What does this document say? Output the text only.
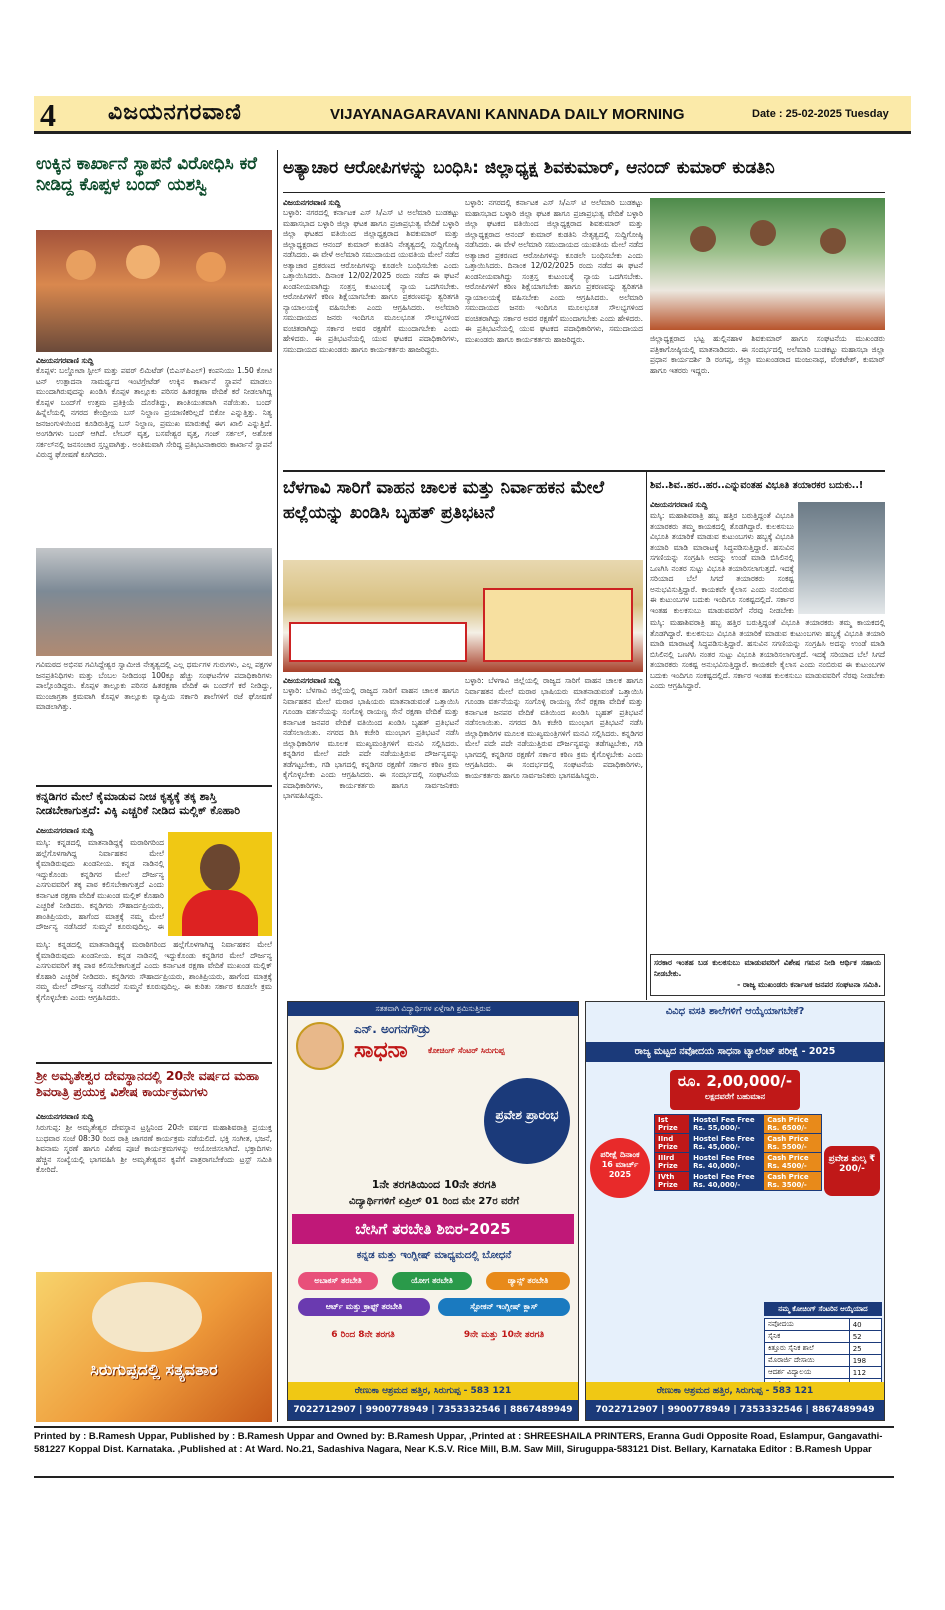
4 ವಿಜಯನಗರವಾಣಿ	VIJAYANAGARAVANI KANNADA DAILY MORNING	Date : 25-02-2025 Tuesday
ಉಕ್ಕಿನ ಕಾರ್ಖಾನೆ ಸ್ಥಾಪನೆ ವಿರೋಧಿಸಿ ಕರೆ ನೀಡಿದ್ದ ಕೊಪ್ಪಳ ಬಂದ್ ಯಶಸ್ವಿ
ವಿಜಯನಗರವಾಣಿ ಸುದ್ದಿ
ಕೊಪ್ಪಳ: ಬಲ್ಡೋಟಾ ಸ್ಟೀಲ್ ಮತ್ತು ಪವರ್ ಲಿಮಿಟೆಡ್ (ಬಿಎಸ್‌ಪಿಎಲ್) ಕಂಪನಿಯು 1.50 ಕೋಟಿ ಟನ್ ಉತ್ಪಾದನಾ ಸಾಮರ್ಥ್ಯದ ಇಂಟಿಗ್ರೇಟೆಡ್ ಉಕ್ಕಿನ ಕಾರ್ಖಾನೆ ಸ್ಥಾಪನೆ ಮಾಡಲು ಮುಂದಾಗಿರುವುದನ್ನು ಖಂಡಿಸಿ ಕೊಪ್ಪಳ ತಾಲ್ಲೂಕು ಪರಿಸರ ಹಿತರಕ್ಷಣಾ ವೇದಿಕೆ ಕರೆ ನೀಡಲಾಗಿದ್ದ ಕೊಪ್ಪಳ ಬಂದ್‌ಗೆ ಉತ್ತಮ ಪ್ರತಿಕ್ರಿಯೆ ದೊರೆತಿದ್ದು, ಶಾಂತಿಯುತವಾಗಿ ನಡೆಯಿತು. ಬಂದ್ ಹಿನ್ನೆಲೆಯಲ್ಲಿ ನಗರದ ಕೇಂದ್ರೀಯ ಬಸ್ ನಿಲ್ದಾಣ ಪ್ರಯಾಣಿಕರಿಲ್ಲದೆ ಬಿಕೋ ಎನ್ನುತ್ತಿತ್ತು. ನಿತ್ಯ ಜನಜಂಗುಳಿಯಿಂದ ಕೂಡಿರುತ್ತಿದ್ದ ಬಸ್ ನಿಲ್ದಾಣ, ಪ್ರಮುಖ ಮಾರುಕಟ್ಟೆ ಈಗ ಖಾಲಿ ಎನ್ನುತ್ತಿದೆ. ಅಂಗಡಿಗಳು ಬಂದ್ ಆಗಿದೆ. ಲೇಬರ್ ವೃತ್ತ, ಬಸವೇಶ್ವರ ವೃತ್ತ, ಗಂಜ್ ಸರ್ಕಲ್, ಅಶೋಕ ಸರ್ಕಲ್‌ನಲ್ಲಿ ಜನಸಂಚಾರ ಸ್ತಬ್ದವಾಗಿತ್ತು. ಅಂತಿಮವಾಗಿ ಸೇರಿದ್ದ ಪ್ರತಿಭಟನಾಕಾರರು ಕಾರ್ಖಾನೆ ಸ್ಥಾಪನೆ ವಿರುದ್ಧ ಘೋಷಣೆ ಕೂಗಿದರು.
ಗವಿಮಠದ ಅಭಿನವ ಗವಿಸಿದ್ದೇಶ್ವರ ಸ್ವಾಮೀಜಿ ನೇತೃತ್ವದಲ್ಲಿ ಎಲ್ಲ ಧರ್ಮಗಳ ಗುರುಗಳು, ಎಲ್ಲ ಪಕ್ಷಗಳ ಜನಪ್ರತಿನಿಧಿಗಳು ಮತ್ತು ಬೆಂಬಲ ನೀಡಿದಂಥ 100ಕ್ಕೂ ಹೆಚ್ಚು ಸಂಘಟನೆಗಳ ಪದಾಧಿಕಾರಿಗಳು ಪಾಲ್ಗೊಂಡಿದ್ದರು. ಕೊಪ್ಪಳ ತಾಲ್ಲೂಕು ಪರಿಸರ ಹಿತರಕ್ಷಣಾ ವೇದಿಕೆ ಈ ಬಂದ್‌ಗೆ ಕರೆ ನೀಡಿದ್ದು, ಮುಂಜಾಗ್ರತಾ ಕ್ರಮವಾಗಿ ಕೊಪ್ಪಳ ತಾಲ್ಲೂಕು ವ್ಯಾಪ್ತಿಯ ಸರ್ಕಾರಿ ಶಾಲೆಗಳಿಗೆ ರಜೆ ಘೋಷಣೆ ಮಾಡಲಾಗಿತ್ತು.
ಕನ್ನಡಿಗರ ಮೇಲೆ ಕೈಮಾಡುವ ನೀಚ ಕೃತ್ಯಕ್ಕೆ ತಕ್ಕ ಶಾಸ್ತಿ ನೀಡಬೇಕಾಗುತ್ತದೆ: ವಿಕ್ಕಿ ಎಚ್ಚರಿಕೆ ನೀಡಿದ ಮಲ್ಲಿಕ್ ಕೊಹಾರಿ
ವಿಜಯನಗರವಾಣಿ ಸುದ್ದಿ
ಮಸ್ಕಿ: ಕನ್ನಡದಲ್ಲಿ ಮಾತನಾಡಿದ್ದಕ್ಕೆ ಮರಾಠಿಗರಿಂದ ಹಲ್ಲೆಗೊಳಗಾಗಿದ್ದ ನಿರ್ವಾಹಕನ ಮೇಲೆ ಕೈಮಾಡಿರುವುದು ಖಂಡನೀಯ. ಕನ್ನಡ ನಾಡಿನಲ್ಲಿ ಇದ್ದುಕೊಂಡು ಕನ್ನಡಿಗರ ಮೇಲೆ ದೌರ್ಜನ್ಯ ಎಸಗುವವರಿಗೆ ತಕ್ಕ ಪಾಠ ಕಲಿಸಬೇಕಾಗುತ್ತದೆ ಎಂದು ಕರ್ನಾಟಕ ರಕ್ಷಣಾ ವೇದಿಕೆ ಮುಖಂಡ ಮಲ್ಲಿಕ್ ಕೊಹಾರಿ ಎಚ್ಚರಿಕೆ ನೀಡಿದರು. ಕನ್ನಡಿಗರು ಸೌಹಾರ್ದಪ್ರಿಯರು, ಶಾಂತಿಪ್ರಿಯರು, ಹಾಗೆಂದ ಮಾತ್ರಕ್ಕೆ ನಮ್ಮ ಮೇಲೆ ದೌರ್ಜನ್ಯ ನಡೆಸಿದರೆ ಸುಮ್ಮನೆ ಕೂರುವುದಿಲ್ಲ. ಈ
ಮಸ್ಕಿ: ಕನ್ನಡದಲ್ಲಿ ಮಾತನಾಡಿದ್ದಕ್ಕೆ ಮರಾಠಿಗರಿಂದ ಹಲ್ಲೆಗೊಳಗಾಗಿದ್ದ ನಿರ್ವಾಹಕನ ಮೇಲೆ ಕೈಮಾಡಿರುವುದು ಖಂಡನೀಯ. ಕನ್ನಡ ನಾಡಿನಲ್ಲಿ ಇದ್ದುಕೊಂಡು ಕನ್ನಡಿಗರ ಮೇಲೆ ದೌರ್ಜನ್ಯ ಎಸಗುವವರಿಗೆ ತಕ್ಕ ಪಾಠ ಕಲಿಸಬೇಕಾಗುತ್ತದೆ ಎಂದು ಕರ್ನಾಟಕ ರಕ್ಷಣಾ ವೇದಿಕೆ ಮುಖಂಡ ಮಲ್ಲಿಕ್ ಕೊಹಾರಿ ಎಚ್ಚರಿಕೆ ನೀಡಿದರು. ಕನ್ನಡಿಗರು ಸೌಹಾರ್ದಪ್ರಿಯರು, ಶಾಂತಿಪ್ರಿಯರು, ಹಾಗೆಂದ ಮಾತ್ರಕ್ಕೆ ನಮ್ಮ ಮೇಲೆ ದೌರ್ಜನ್ಯ ನಡೆಸಿದರೆ ಸುಮ್ಮನೆ ಕೂರುವುದಿಲ್ಲ. ಈ ಕುರಿತು ಸರ್ಕಾರ ಕೂಡಲೇ ಕ್ರಮ ಕೈಗೊಳ್ಳಬೇಕು ಎಂದು ಆಗ್ರಹಿಸಿದರು.
ಶ್ರೀ ಅಮೃತೇಶ್ವರ ದೇವಸ್ಥಾನದಲ್ಲಿ 20ನೇ ವರ್ಷದ ಮಹಾ ಶಿವರಾತ್ರಿ ಪ್ರಯುಕ್ತ ವಿಶೇಷ ಕಾರ್ಯಕ್ರಮಗಳು
ವಿಜಯನಗರವಾಣಿ ಸುದ್ದಿ
ಸಿರುಗುಪ್ಪ: ಶ್ರೀ ಅಮೃತೇಶ್ವರ ದೇವಸ್ಥಾನ ಟ್ರಸ್ಟಿನಿಂದ 20ನೇ ವರ್ಷದ ಮಹಾಶಿವರಾತ್ರಿ ಪ್ರಯುಕ್ತ ಬುಧವಾರ ಸಂಜೆ 08:30 ರಿಂದ ರಾತ್ರಿ ಜಾಗರಣೆ ಕಾರ್ಯಕ್ರಮ ನಡೆಯಲಿದೆ. ಭಕ್ತಿ ಸಂಗೀತ, ಭಜನೆ, ಶಿವನಾಮ ಸ್ಮರಣೆ ಹಾಗೂ ವಿಶೇಷ ಪೂಜೆ ಕಾರ್ಯಕ್ರಮಗಳನ್ನು ಆಯೋಜಿಸಲಾಗಿದೆ. ಭಕ್ತಾದಿಗಳು ಹೆಚ್ಚಿನ ಸಂಖ್ಯೆಯಲ್ಲಿ ಭಾಗವಹಿಸಿ ಶ್ರೀ ಅಮೃತೇಶ್ವರನ ಕೃಪೆಗೆ ಪಾತ್ರರಾಗಬೇಕೆಂದು ಟ್ರಸ್ಟ್ ಸಮಿತಿ ಕೋರಿದೆ.
ಸಿರುಗುಪ್ಪದಲ್ಲಿ ಸತ್ಯವತಾರ
ಅತ್ಯಾಚಾರ ಆರೋಪಿಗಳನ್ನು ಬಂಧಿಸಿ: ಜಿಲ್ಲಾಧ್ಯಕ್ಷ ಶಿವಕುಮಾರ್, ಆನಂದ್ ಕುಮಾರ್ ಕುಡತಿನಿ
ವಿಜಯನಗರವಾಣಿ ಸುದ್ದಿ
ಬಳ್ಳಾರಿ: ನಗರದಲ್ಲಿ ಕರ್ನಾಟಕ ಎಸ್ ಸಿ/ಎಸ್ ಟಿ ಅಲೆಮಾರಿ ಬುಡಕಟ್ಟು ಮಹಾಸಭಾದ ಬಳ್ಳಾರಿ ಜಿಲ್ಲಾ ಘಟಕ ಹಾಗೂ ಪ್ರಜಾಪ್ರಭುತ್ವ ವೇದಿಕೆ ಬಳ್ಳಾರಿ ಜಿಲ್ಲಾ ಘಟಕದ ವತಿಯಿಂದ ಜಿಲ್ಲಾಧ್ಯಕ್ಷರಾದ ಶಿವಕುಮಾರ್ ಮತ್ತು ಜಿಲ್ಲಾಧ್ಯಕ್ಷರಾದ ಆನಂದ್ ಕುಮಾರ್ ಕುಡತಿನಿ ನೇತೃತ್ವದಲ್ಲಿ ಸುದ್ದಿಗೋಷ್ಠಿ ನಡೆಸಿದರು. ಈ ವೇಳೆ ಅಲೆಮಾರಿ ಸಮುದಾಯದ ಯುವತಿಯ ಮೇಲೆ ನಡೆದ ಅತ್ಯಾಚಾರ ಪ್ರಕರಣದ ಆರೋಪಿಗಳನ್ನು ಕೂಡಲೇ ಬಂಧಿಸಬೇಕು ಎಂದು ಒತ್ತಾಯಿಸಿದರು. ದಿನಾಂಕ 12/02/2025 ರಂದು ನಡೆದ ಈ ಘಟನೆ ಖಂಡನೀಯವಾಗಿದ್ದು ಸಂತ್ರಸ್ತ ಕುಟುಂಬಕ್ಕೆ ನ್ಯಾಯ ಒದಗಿಸಬೇಕು. ಆರೋಪಿಗಳಿಗೆ ಕಠಿಣ ಶಿಕ್ಷೆಯಾಗಬೇಕು ಹಾಗೂ ಪ್ರಕರಣವನ್ನು ತ್ವರಿತಗತಿ ನ್ಯಾಯಾಲಯಕ್ಕೆ ವಹಿಸಬೇಕು ಎಂದು ಆಗ್ರಹಿಸಿದರು. ಅಲೆಮಾರಿ ಸಮುದಾಯದ ಜನರು ಇಂದಿಗೂ ಮೂಲಭೂತ ಸೌಲಭ್ಯಗಳಿಂದ ವಂಚಿತರಾಗಿದ್ದು ಸರ್ಕಾರ ಅವರ ರಕ್ಷಣೆಗೆ ಮುಂದಾಗಬೇಕು ಎಂದು ಹೇಳಿದರು. ಈ ಪ್ರತಿಭಟನೆಯಲ್ಲಿ ಯುವ ಘಟಕದ ಪದಾಧಿಕಾರಿಗಳು, ಸಮುದಾಯದ ಮುಖಂಡರು ಹಾಗೂ ಕಾರ್ಯಕರ್ತರು ಹಾಜರಿದ್ದರು.
ಬಳ್ಳಾರಿ: ನಗರದಲ್ಲಿ ಕರ್ನಾಟಕ ಎಸ್ ಸಿ/ಎಸ್ ಟಿ ಅಲೆಮಾರಿ ಬುಡಕಟ್ಟು ಮಹಾಸಭಾದ ಬಳ್ಳಾರಿ ಜಿಲ್ಲಾ ಘಟಕ ಹಾಗೂ ಪ್ರಜಾಪ್ರಭುತ್ವ ವೇದಿಕೆ ಬಳ್ಳಾರಿ ಜಿಲ್ಲಾ ಘಟಕದ ವತಿಯಿಂದ ಜಿಲ್ಲಾಧ್ಯಕ್ಷರಾದ ಶಿವಕುಮಾರ್ ಮತ್ತು ಜಿಲ್ಲಾಧ್ಯಕ್ಷರಾದ ಆನಂದ್ ಕುಮಾರ್ ಕುಡತಿನಿ ನೇತೃತ್ವದಲ್ಲಿ ಸುದ್ದಿಗೋಷ್ಠಿ ನಡೆಸಿದರು. ಈ ವೇಳೆ ಅಲೆಮಾರಿ ಸಮುದಾಯದ ಯುವತಿಯ ಮೇಲೆ ನಡೆದ ಅತ್ಯಾಚಾರ ಪ್ರಕರಣದ ಆರೋಪಿಗಳನ್ನು ಕೂಡಲೇ ಬಂಧಿಸಬೇಕು ಎಂದು ಒತ್ತಾಯಿಸಿದರು. ದಿನಾಂಕ 12/02/2025 ರಂದು ನಡೆದ ಈ ಘಟನೆ ಖಂಡನೀಯವಾಗಿದ್ದು ಸಂತ್ರಸ್ತ ಕುಟುಂಬಕ್ಕೆ ನ್ಯಾಯ ಒದಗಿಸಬೇಕು. ಆರೋಪಿಗಳಿಗೆ ಕಠಿಣ ಶಿಕ್ಷೆಯಾಗಬೇಕು ಹಾಗೂ ಪ್ರಕರಣವನ್ನು ತ್ವರಿತಗತಿ ನ್ಯಾಯಾಲಯಕ್ಕೆ ವಹಿಸಬೇಕು ಎಂದು ಆಗ್ರಹಿಸಿದರು. ಅಲೆಮಾರಿ ಸಮುದಾಯದ ಜನರು ಇಂದಿಗೂ ಮೂಲಭೂತ ಸೌಲಭ್ಯಗಳಿಂದ ವಂಚಿತರಾಗಿದ್ದು ಸರ್ಕಾರ ಅವರ ರಕ್ಷಣೆಗೆ ಮುಂದಾಗಬೇಕು ಎಂದು ಹೇಳಿದರು. ಈ ಪ್ರತಿಭಟನೆಯಲ್ಲಿ ಯುವ ಘಟಕದ ಪದಾಧಿಕಾರಿಗಳು, ಸಮುದಾಯದ ಮುಖಂಡರು ಹಾಗೂ ಕಾರ್ಯಕರ್ತರು ಹಾಜರಿದ್ದರು.	ಜಿಲ್ಲಾಧ್ಯಕ್ಷರಾದ ಭಟ್ಟ ಹುಲ್ಲಿನಹಾಳ ಶಿವಕುಮಾರ್ ಹಾಗೂ ಸಂಘಟನೆಯ ಮುಖಂಡರು ಪತ್ರಿಕಾಗೋಷ್ಠಿಯಲ್ಲಿ ಮಾತನಾಡಿದರು. ಈ ಸಂದರ್ಭದಲ್ಲಿ ಅಲೆಮಾರಿ ಬುಡಕಟ್ಟು ಮಹಾಸಭಾ ಜಿಲ್ಲಾ ಪ್ರಧಾನ ಕಾರ್ಯದರ್ಶಿ ಡಿ ರಂಗಪ್ಪ, ಜಿಲ್ಲಾ ಮುಖಂಡರಾದ ಮಂಜುನಾಥ, ವೆಂಕಟೇಶ್, ಕುಮಾರ್ ಹಾಗೂ ಇತರರು ಇದ್ದರು.
ಬೆಳಗಾವಿ ಸಾರಿಗೆ ವಾಹನ ಚಾಲಕ ಮತ್ತು ನಿರ್ವಾಹಕನ ಮೇಲೆ ಹಲ್ಲೆಯನ್ನು ಖಂಡಿಸಿ ಬೃಹತ್ ಪ್ರತಿಭಟನೆ
ವಿಜಯನಗರವಾಣಿ ಸುದ್ದಿ
ಬಳ್ಳಾರಿ: ಬೆಳಗಾವಿ ಜಿಲ್ಲೆಯಲ್ಲಿ ರಾಜ್ಯದ ಸಾರಿಗೆ ವಾಹನ ಚಾಲಕ ಹಾಗೂ ನಿರ್ವಾಹಕನ ಮೇಲೆ ಮರಾಠ ಭಾಷಿಯರು ಮಾತನಾಡುವಂತೆ ಒತ್ತಾಯಿಸಿ ಗೂಂಡಾ ವರ್ತನೆಯನ್ನು ಸಂಗೊಳ್ಳಿ ರಾಯಣ್ಣ ಸೇನೆ ರಕ್ಷಣಾ ವೇದಿಕೆ ಮತ್ತು ಕರ್ನಾಟಕ ಜನಪರ ವೇದಿಕೆ ವತಿಯಿಂದ ಖಂಡಿಸಿ ಬೃಹತ್ ಪ್ರತಿಭಟನೆ ನಡೆಸಲಾಯಿತು. ನಗರದ ಡಿಸಿ ಕಚೇರಿ ಮುಂಭಾಗ ಪ್ರತಿಭಟನೆ ನಡೆಸಿ ಜಿಲ್ಲಾಧಿಕಾರಿಗಳ ಮೂಲಕ ಮುಖ್ಯಮಂತ್ರಿಗಳಿಗೆ ಮನವಿ ಸಲ್ಲಿಸಿದರು. ಕನ್ನಡಿಗರ ಮೇಲೆ ಪದೇ ಪದೇ ನಡೆಯುತ್ತಿರುವ ದೌರ್ಜನ್ಯವನ್ನು ತಡೆಗಟ್ಟಬೇಕು, ಗಡಿ ಭಾಗದಲ್ಲಿ ಕನ್ನಡಿಗರ ರಕ್ಷಣೆಗೆ ಸರ್ಕಾರ ಕಠಿಣ ಕ್ರಮ ಕೈಗೊಳ್ಳಬೇಕು ಎಂದು ಆಗ್ರಹಿಸಿದರು. ಈ ಸಂದರ್ಭದಲ್ಲಿ ಸಂಘಟನೆಯ ಪದಾಧಿಕಾರಿಗಳು, ಕಾರ್ಯಕರ್ತರು ಹಾಗೂ ಸಾರ್ವಜನಿಕರು ಭಾಗವಹಿಸಿದ್ದರು.
ಬಳ್ಳಾರಿ: ಬೆಳಗಾವಿ ಜಿಲ್ಲೆಯಲ್ಲಿ ರಾಜ್ಯದ ಸಾರಿಗೆ ವಾಹನ ಚಾಲಕ ಹಾಗೂ ನಿರ್ವಾಹಕನ ಮೇಲೆ ಮರಾಠ ಭಾಷಿಯರು ಮಾತನಾಡುವಂತೆ ಒತ್ತಾಯಿಸಿ ಗೂಂಡಾ ವರ್ತನೆಯನ್ನು ಸಂಗೊಳ್ಳಿ ರಾಯಣ್ಣ ಸೇನೆ ರಕ್ಷಣಾ ವೇದಿಕೆ ಮತ್ತು ಕರ್ನಾಟಕ ಜನಪರ ವೇದಿಕೆ ವತಿಯಿಂದ ಖಂಡಿಸಿ ಬೃಹತ್ ಪ್ರತಿಭಟನೆ ನಡೆಸಲಾಯಿತು. ನಗರದ ಡಿಸಿ ಕಚೇರಿ ಮುಂಭಾಗ ಪ್ರತಿಭಟನೆ ನಡೆಸಿ ಜಿಲ್ಲಾಧಿಕಾರಿಗಳ ಮೂಲಕ ಮುಖ್ಯಮಂತ್ರಿಗಳಿಗೆ ಮನವಿ ಸಲ್ಲಿಸಿದರು. ಕನ್ನಡಿಗರ ಮೇಲೆ ಪದೇ ಪದೇ ನಡೆಯುತ್ತಿರುವ ದೌರ್ಜನ್ಯವನ್ನು ತಡೆಗಟ್ಟಬೇಕು, ಗಡಿ ಭಾಗದಲ್ಲಿ ಕನ್ನಡಿಗರ ರಕ್ಷಣೆಗೆ ಸರ್ಕಾರ ಕಠಿಣ ಕ್ರಮ ಕೈಗೊಳ್ಳಬೇಕು ಎಂದು ಆಗ್ರಹಿಸಿದರು. ಈ ಸಂದರ್ಭದಲ್ಲಿ ಸಂಘಟನೆಯ ಪದಾಧಿಕಾರಿಗಳು, ಕಾರ್ಯಕರ್ತರು ಹಾಗೂ ಸಾರ್ವಜನಿಕರು ಭಾಗವಹಿಸಿದ್ದರು.
ಶಿವ..ಶಿವ..ಹರ..ಹರ..ಎನ್ನುವಂತಹ ವಿಭೂತಿ ತಯಾರಕರ ಬದುಕು..!
ವಿಜಯನಗರವಾಣಿ ಸುದ್ದಿ
ಮಸ್ಕಿ: ಮಹಾಶಿವರಾತ್ರಿ ಹಬ್ಬ ಹತ್ತಿರ ಬರುತ್ತಿದ್ದಂತೆ ವಿಭೂತಿ ತಯಾರಕರು ತಮ್ಮ ಕಾಯಕದಲ್ಲಿ ತೊಡಗಿದ್ದಾರೆ. ಕುಲಕಸುಬು ವಿಭೂತಿ ತಯಾರಿಕೆ ಮಾಡುವ ಕುಟುಂಬಗಳು ಹಬ್ಬಕ್ಕೆ ವಿಭೂತಿ ತಯಾರಿ ಮಾಡಿ ಮಾರಾಟಕ್ಕೆ ಸಿದ್ಧಪಡಿಸುತ್ತಿದ್ದಾರೆ. ಹಸುವಿನ ಸಗಣಿಯನ್ನು ಸಂಗ್ರಹಿಸಿ ಅದನ್ನು ಉಂಡೆ ಮಾಡಿ ಬಿಸಿಲಿನಲ್ಲಿ ಒಣಗಿಸಿ ನಂತರ ಸುಟ್ಟು ವಿಭೂತಿ ತಯಾರಿಸಲಾಗುತ್ತದೆ. ಇದಕ್ಕೆ ಸರಿಯಾದ ಬೆಲೆ ಸಿಗದೆ ತಯಾರಕರು ಸಂಕಷ್ಟ ಅನುಭವಿಸುತ್ತಿದ್ದಾರೆ. ಕಾಯಕವೇ ಕೈಲಾಸ ಎಂದು ನಂಬಿರುವ ಈ ಕುಟುಂಬಗಳ ಬದುಕು ಇಂದಿಗೂ ಸಂಕಷ್ಟದಲ್ಲಿದೆ. ಸರ್ಕಾರ ಇಂತಹ ಕುಲಕಸುಬು ಮಾಡುವವರಿಗೆ ನೆರವು ನೀಡಬೇಕು
ಮಸ್ಕಿ: ಮಹಾಶಿವರಾತ್ರಿ ಹಬ್ಬ ಹತ್ತಿರ ಬರುತ್ತಿದ್ದಂತೆ ವಿಭೂತಿ ತಯಾರಕರು ತಮ್ಮ ಕಾಯಕದಲ್ಲಿ ತೊಡಗಿದ್ದಾರೆ. ಕುಲಕಸುಬು ವಿಭೂತಿ ತಯಾರಿಕೆ ಮಾಡುವ ಕುಟುಂಬಗಳು ಹಬ್ಬಕ್ಕೆ ವಿಭೂತಿ ತಯಾರಿ ಮಾಡಿ ಮಾರಾಟಕ್ಕೆ ಸಿದ್ಧಪಡಿಸುತ್ತಿದ್ದಾರೆ. ಹಸುವಿನ ಸಗಣಿಯನ್ನು ಸಂಗ್ರಹಿಸಿ ಅದನ್ನು ಉಂಡೆ ಮಾಡಿ ಬಿಸಿಲಿನಲ್ಲಿ ಒಣಗಿಸಿ ನಂತರ ಸುಟ್ಟು ವಿಭೂತಿ ತಯಾರಿಸಲಾಗುತ್ತದೆ. ಇದಕ್ಕೆ ಸರಿಯಾದ ಬೆಲೆ ಸಿಗದೆ ತಯಾರಕರು ಸಂಕಷ್ಟ ಅನುಭವಿಸುತ್ತಿದ್ದಾರೆ. ಕಾಯಕವೇ ಕೈಲಾಸ ಎಂದು ನಂಬಿರುವ ಈ ಕುಟುಂಬಗಳ ಬದುಕು ಇಂದಿಗೂ ಸಂಕಷ್ಟದಲ್ಲಿದೆ. ಸರ್ಕಾರ ಇಂತಹ ಕುಲಕಸುಬು ಮಾಡುವವರಿಗೆ ನೆರವು ನೀಡಬೇಕು ಎಂದು ಆಗ್ರಹಿಸಿದ್ದಾರೆ.
ಸರಕಾರ ಇಂತಹ ಬಡ ಕುಲಕಸುಬು ಮಾಡುವವರಿಗೆ ವಿಶೇಷ ಗಮನ ನೀಡಿ ಆರ್ಥಿಕ ಸಹಾಯ ನೀಡಬೇಕು.
- ರಾಜ್ಯ ಮುಖಂಡರು ಕರ್ನಾಟಕ ಜನಪರ ಸಂಘಟನಾ ಸಮಿತಿ.
ಸತತವಾಗಿ ವಿದ್ಯಾರ್ಥಿಗಳ ಏಳ್ಗೆಗಾಗಿ ಶ್ರಮಿಸುತ್ತಿರುವ
ಎನ್. ಅಂಗನಗೌಡ್ರು
ಸಾಧನಾ	ಕೋಚಿಂಗ್ ಸೆಂಟರ್ ಸಿರುಗುಪ್ಪ
ಪ್ರವೇಶ ಪ್ರಾರಂಭ
1ನೇ ತರಗತಿಯಿಂದ 10ನೇ ತರಗತಿ
ವಿದ್ಯಾರ್ಥಿಗಳಿಗೆ ಏಪ್ರಿಲ್ 01 ರಿಂದ ಮೇ 27ರ ವರೆಗೆ
ಬೇಸಿಗೆ ತರಬೇತಿ ಶಿಬಿರ-2025
ಕನ್ನಡ ಮತ್ತು ಇಂಗ್ಲೀಷ್ ಮಾಧ್ಯಮದಲ್ಲಿ ಬೋಧನೆ
ಅಬಾಕಸ್ ತರಬೇತಿ	ಯೋಗ ತರಬೇತಿ	ಡ್ಯಾನ್ಸ್ ತರಬೇತಿ
ಆರ್ಟ್ ಮತ್ತು ಕ್ರಾಫ್ಟ್ ತರಬೇತಿ	ಸ್ಪೋಕನ್ ಇಂಗ್ಲೀಷ್ ಕ್ಲಾಸ್
6 ರಿಂದ 8ನೇ ತರಗತಿ	9ನೇ ಮತ್ತು 10ನೇ ತರಗತಿ
ರೇಣುಕಾ ಆಶ್ರಮದ ಹತ್ತಿರ, ಸಿರುಗುಪ್ಪ - 583 121
7022712907 | 9900778949 | 7353332546 | 8867489949
ವಿವಿಧ ವಸತಿ ಶಾಲೆಗಳಿಗೆ ಆಯ್ಕೆಯಾಗಬೇಕೆ?
ರಾಜ್ಯ ಮಟ್ಟದ ನವೋದಯ ಸಾಧನಾ ಟ್ಯಾಲೆಂಟ್ ಪರೀಕ್ಷೆ - 2025
ರೂ. 2,00,000/-
ಲಕ್ಷದವರೆಗೆ ಬಹುಮಾನ
ಪರೀಕ್ಷೆ ದಿನಾಂಕ 16 ಮಾರ್ಚ್ 2025
ಪ್ರವೇಶ ಶುಲ್ಕ ₹ 200/-
Ist Prize	Hostel Fee Free Rs. 55,000/-	Cash Price Rs. 6500/-
IInd Prize	Hostel Fee Free Rs. 45,000/-	Cash Price Rs. 5500/-
IIIrd Prize	Hostel Fee Free Rs. 40,000/-	Cash Price Rs. 4500/-
IVth Prize	Hostel Fee Free Rs. 40,000/-	Cash Price Rs. 3500/-
ನಮ್ಮ ಕೋಚಿಂಗ್ ಸೆಂಟರಿನ ಆಯ್ಕೆಯಾದ
ನವೋದಯ	40
ಸೈನಿಕ	52
ಕಿತ್ತೂರು ಸೈನಿಕ ಶಾಲೆ	25
ಮೊರಾರ್ಜಿ ದೇಸಾಯಿ	198
ಆದರ್ಶ ವಿದ್ಯಾಲಯ	112

ರೇಣುಕಾ ಆಶ್ರಮದ ಹತ್ತಿರ, ಸಿರುಗುಪ್ಪ - 583 121
7022712907 | 9900778949 | 7353332546 | 8867489949
Printed by : B.Ramesh Uppar, Published by : B.Ramesh Uppar and Owned by: B.Ramesh Uppar, ,Printed at : SHREESHAILA PRINTERS, Eranna Gudi Opposite Road, Eslampur, Gangavathi-581227 Koppal Dist. Karnataka. ,Published at : At Ward. No.21, Sadashiva Nagara, Near K.S.V. Rice Mill, B.M. Saw Mill, Siruguppa-583121 Dist. Bellary, Karnataka Editor : B.Ramesh Uppar
